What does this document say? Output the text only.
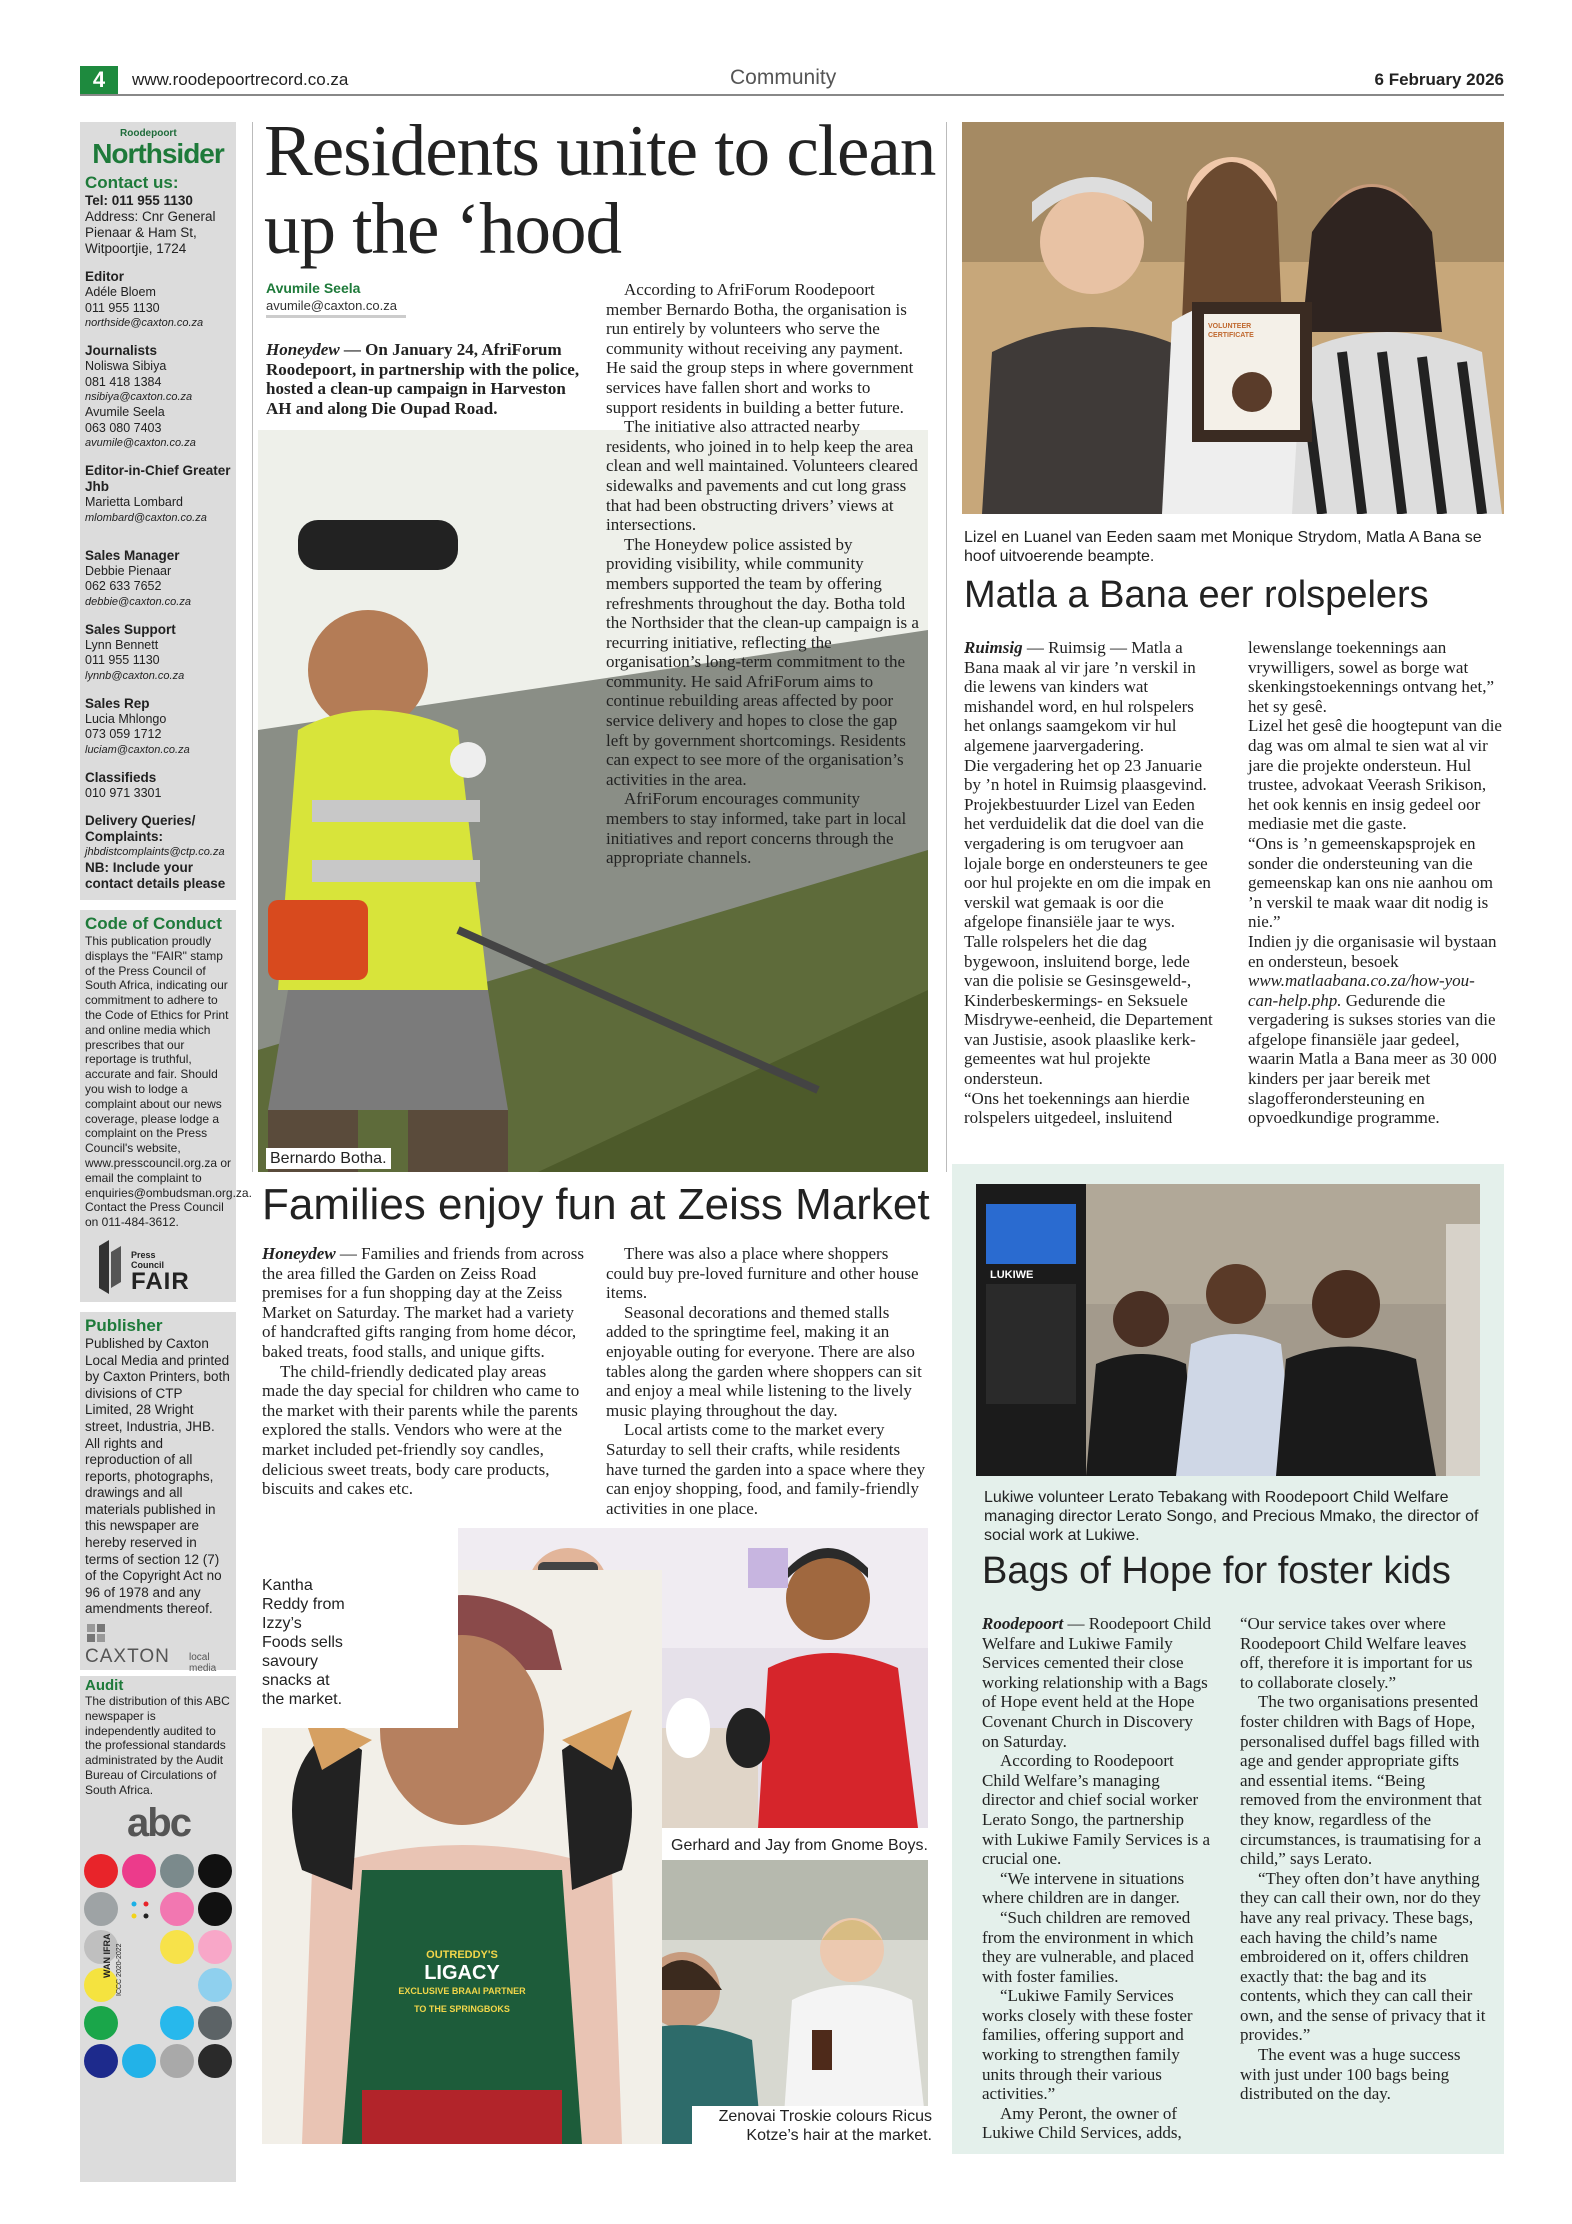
4	www.roodepoortrecord.co.za	Community	6 February 2026
Roodepoort
Northsider

Contact us:

Tel: 011 955 1130

Address: Cnr General Pienaar & Ham St, Witpoortjie, 1724

Editor

Adéle Bloem

011 955 1130

northside@caxton.co.za

Journalists

Noliswa Sibiya

081 418 1384

nsibiya@caxton.co.za

Avumile Seela

063 080 7403

avumile@caxton.co.za

Editor-in-Chief Greater Jhb

Marietta Lombard

mlombard@caxton.co.za

Sales Manager

Debbie Pienaar

062 633 7652

debbie@caxton.co.za

Sales Support

Lynn Bennett

011 955 1130

lynnb@caxton.co.za

Sales Rep

Lucia Mhlongo

073 059 1712

luciam@caxton.co.za

Classifieds

010 971 3301

Delivery Queries/ Complaints:

jhbdistcomplaints@ctp.co.za

NB: Include your contact details please

Code of Conduct

This publication proudly displays the "FAIR" stamp of the Press Council of South Africa, indicating our commitment to adhere to the Code of Ethics for Print and online media which prescribes that our reportage is truthful, accurate and fair. Should you wish to lodge a complaint about our news coverage, please lodge a complaint on the Press Council's website, www.presscouncil.org.za or email the complaint to enquiries@ombudsman.org.za. Contact the Press Council on 011-484-3612.

Press Council
FAIR

Publisher

Published by Caxton Local Media and printed by Caxton Printers, both divisions of CTP Limited, 28 Wright street, Industria, JHB. All rights and reproduction of all reports, photographs, drawings and all materials published in this newspaper are hereby reserved in terms of section 12 (7) of the Copyright Act no 96 of 1978 and any amendments thereof.

CAXTON local media

Audit

The distribution of this ABC newspaper is independently audited to the professional standards administrated by the Audit Bureau of Circulations of South Africa.

abc
WAN IFRA ICCC 2020-2022
Residents unite to clean up the ‘hood
Avumile Seela
avumile@caxton.co.za
Honeydew — On January 24, AfriForum Roodepoort, in partnership with the police, hosted a clean-up campaign in Harveston AH and along Die Oupad Road.
Bernardo Botha.

According to AfriForum Roodepoort member Bernardo Botha, the organisation is run entirely by volunteers who serve the community without receiving any payment. He said the group steps in where government services have fallen short and works to support residents in building a better future.

The initiative also attracted nearby residents, who joined in to help keep the area clean and well maintained. Volunteers cleared sidewalks and pavements and cut long grass that had been obstructing drivers’ views at intersections.

The Honeydew police assisted by providing visibility, while community members supported the team by offering refreshments throughout the day. Botha told the Northsider that the clean-up campaign is a recurring initiative, reflecting the organisation’s long-term commitment to the community. He said AfriForum aims to continue rebuilding areas affected by poor service delivery and hopes to close the gap left by government shortcomings. Residents can expect to see more of the organisation’s activities in the area.

AfriForum encourages community members to stay informed, take part in local initiatives and report concerns through the appropriate channels.

VOLUNTEER CERTIFICATE
Lizel en Luanel van Eeden saam met Monique Strydom, Matla A Bana se hoof uitvoerende beampte.
Matla a Bana eer rolspelers

Ruimsig — Ruimsig — Matla a Bana maak al vir jare ’n verskil in die lewens van kinders wat mishandel word, en hul rolspelers het onlangs saamgekom vir hul algemene jaarvergadering.

Die vergadering het op 23 Januarie by ’n hotel in Ruimsig plaasgevind. Projekbestuurder Lizel van Eeden het verduidelik dat die doel van die vergadering is om terugvoer aan lojale borge en ondersteuners te gee oor hul projekte en om die impak en verskil wat gemaak is oor die afgelope finansiële jaar te wys.

Talle rolspelers het die dag bygewoon, insluitend borge, lede van die polisie se Gesinsgeweld-, Kinderbeskermings- en Seksuele Misdrywe-eenheid, die Departement van Justisie, asook plaaslike kerk-gemeentes wat hul projekte ondersteun.

“Ons het toekennings aan hierdie rolspelers uitgedeel, insluitend

lewenslange toekennings aan vrywilligers, sowel as borge wat skenkingstoekennings ontvang het,” het sy gesê.

Lizel het gesê die hoogtepunt van die dag was om almal te sien wat al vir jare die projekte ondersteun. Hul trustee, advokaat Veerash Srikison, het ook kennis en insig gedeel oor mediasie met die gaste.

“Ons is ’n gemeenskapsprojek en sonder die ondersteuning van die gemeenskap kan ons nie aanhou om ’n verskil te maak waar dit nodig is nie.”

Indien jy die organisasie wil bystaan en ondersteun, besoek www.matlaabana.co.za/how-you-can-help.php. Gedurende die vergadering is sukses stories van die afgelope finansiële jaar gedeel, waarin Matla a Bana meer as 30 000 kinders per jaar bereik met slagofferondersteuning en opvoedkundige programme.

Families enjoy fun at Zeiss Market

Honeydew — Families and friends from across the area filled the Garden on Zeiss Road premises for a fun shopping day at the Zeiss Market on Saturday. The market had a variety of handcrafted gifts ranging from home décor, baked treats, food stalls, and unique gifts.

The child-friendly dedicated play areas made the day special for children who came to the market with their parents while the parents explored the stalls. Vendors who were at the market included pet-friendly soy candles, delicious sweet treats, body care products, biscuits and cakes etc.

There was also a place where shoppers could buy pre-loved furniture and other house items.

Seasonal decorations and themed stalls added to the springtime feel, making it an enjoyable outing for everyone. There are also tables along the garden where shoppers can sit and enjoy a meal while listening to the lively music playing throughout the day.

Local artists come to the market every Saturday to sell their crafts, while residents have turned the garden into a space where they can enjoy shopping, food, and family-friendly activities in one place.

Gerhard and Jay from Gnome Boys.
Zenovai Troskie colours Ricus Kotze’s hair at the market.
OUTREDDY'S
LIGACY
EXCLUSIVE BRAAI PARTNER
TO THE SPRINGBOKS
Kantha Reddy from Izzy’s Foods sells savoury snacks at the market.
LUKIWE
Lukiwe volunteer Lerato Tebakang with Roodepoort Child Welfare managing director Lerato Songo, and Precious Mmako, the director of social work at Lukiwe.
Bags of Hope for foster kids

Roodepoort — Roodepoort Child Welfare and Lukiwe Family Services cemented their close working relationship with a Bags of Hope event held at the Hope Covenant Church in Discovery on Saturday.

According to Roodepoort Child Welfare’s managing director and chief social worker Lerato Songo, the partnership with Lukiwe Family Services is a crucial one.

“We intervene in situations where children are in danger.

“Such children are removed from the environment in which they are vulnerable, and placed with foster families.

“Lukiwe Family Services works closely with these foster families, offering support and working to strengthen family units through their various activities.”

Amy Peront, the owner of Lukiwe Child Services, adds,

“Our service takes over where Roodepoort Child Welfare leaves off, therefore it is important for us to collaborate closely.”

The two organisations presented foster children with Bags of Hope, personalised duffel bags filled with age and gender appropriate gifts and essential items. “Being removed from the environment that they know, regardless of the circumstances, is traumatising for a child,” says Lerato.

“They often don’t have anything they can call their own, nor do they have any real privacy. These bags, each having the child’s name embroidered on it, offers children exactly that: the bag and its contents, which they can call their own, and the sense of privacy that it provides.”

The event was a huge success with just under 100 bags being distributed on the day.
